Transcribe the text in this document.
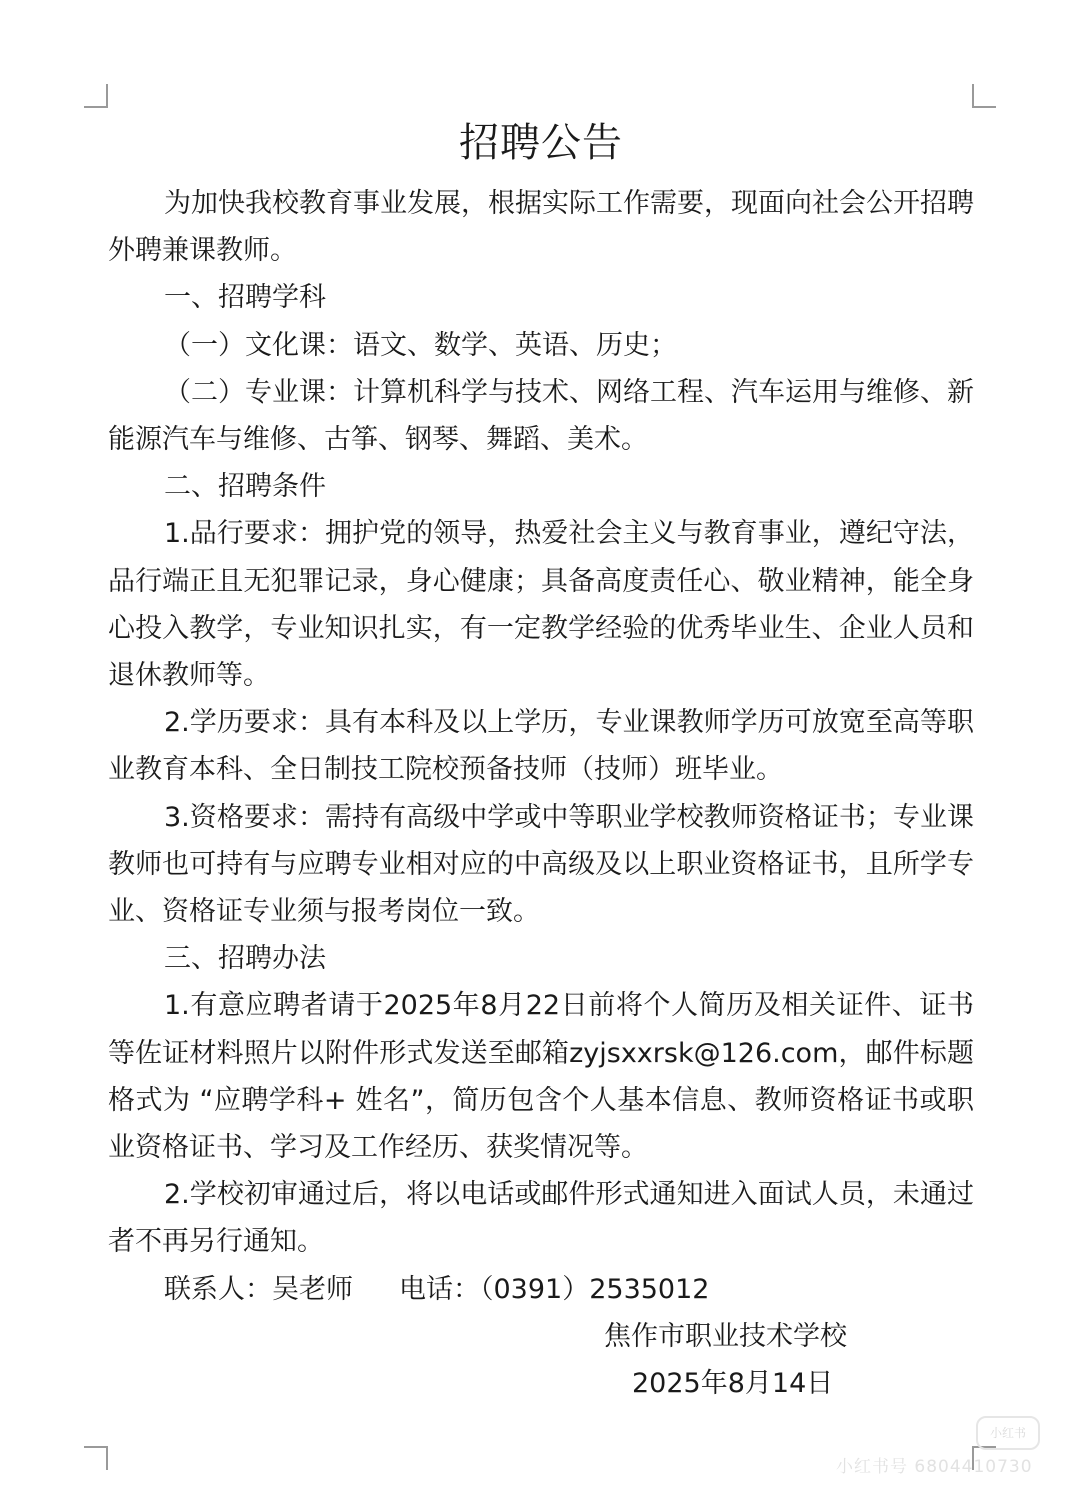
招聘公告

为加快我校教育事业发展，根据实际工作需要，现面向社会公开招聘外聘兼课教师。

一、招聘学科

（一）文化课：语文、数学、英语、历史；

（二）专业课：计算机科学与技术、网络工程、汽车运用与维修、新能源汽车与维修、古筝、钢琴、舞蹈、美术。

二、招聘条件

1.品行要求：拥护党的领导，热爱社会主义与教育事业，遵纪守法，品行端正且无犯罪记录，身心健康；具备高度责任心、敬业精神，能全身心投入教学，专业知识扎实，有一定教学经验的优秀毕业生、企业人员和退休教师等。

2.学历要求：具有本科及以上学历，专业课教师学历可放宽至高等职业教育本科、全日制技工院校预备技师（技师）班毕业。

3.资格要求：需持有高级中学或中等职业学校教师资格证书；专业课教师也可持有与应聘专业相对应的中高级及以上职业资格证书，且所学专业、资格证专业须与报考岗位一致。

三、招聘办法

1.有意应聘者请于2025年8月22日前将个人简历及相关证件、证书等佐证材料照片以附件形式发送至邮箱zyjsxxrsk@126.com，邮件标题格式为 “应聘学科+ 姓名”，简历包含个人基本信息、教师资格证书或职业资格证书、学习及工作经历、获奖情况等。

2.学校初审通过后，将以电话或邮件形式通知进入面试人员，未通过者不再另行通知。

联系人：吴老师 电话：（0391）2535012

焦作市职业技术学校

2025年8月14日

小红书
小红书号 6804410730
